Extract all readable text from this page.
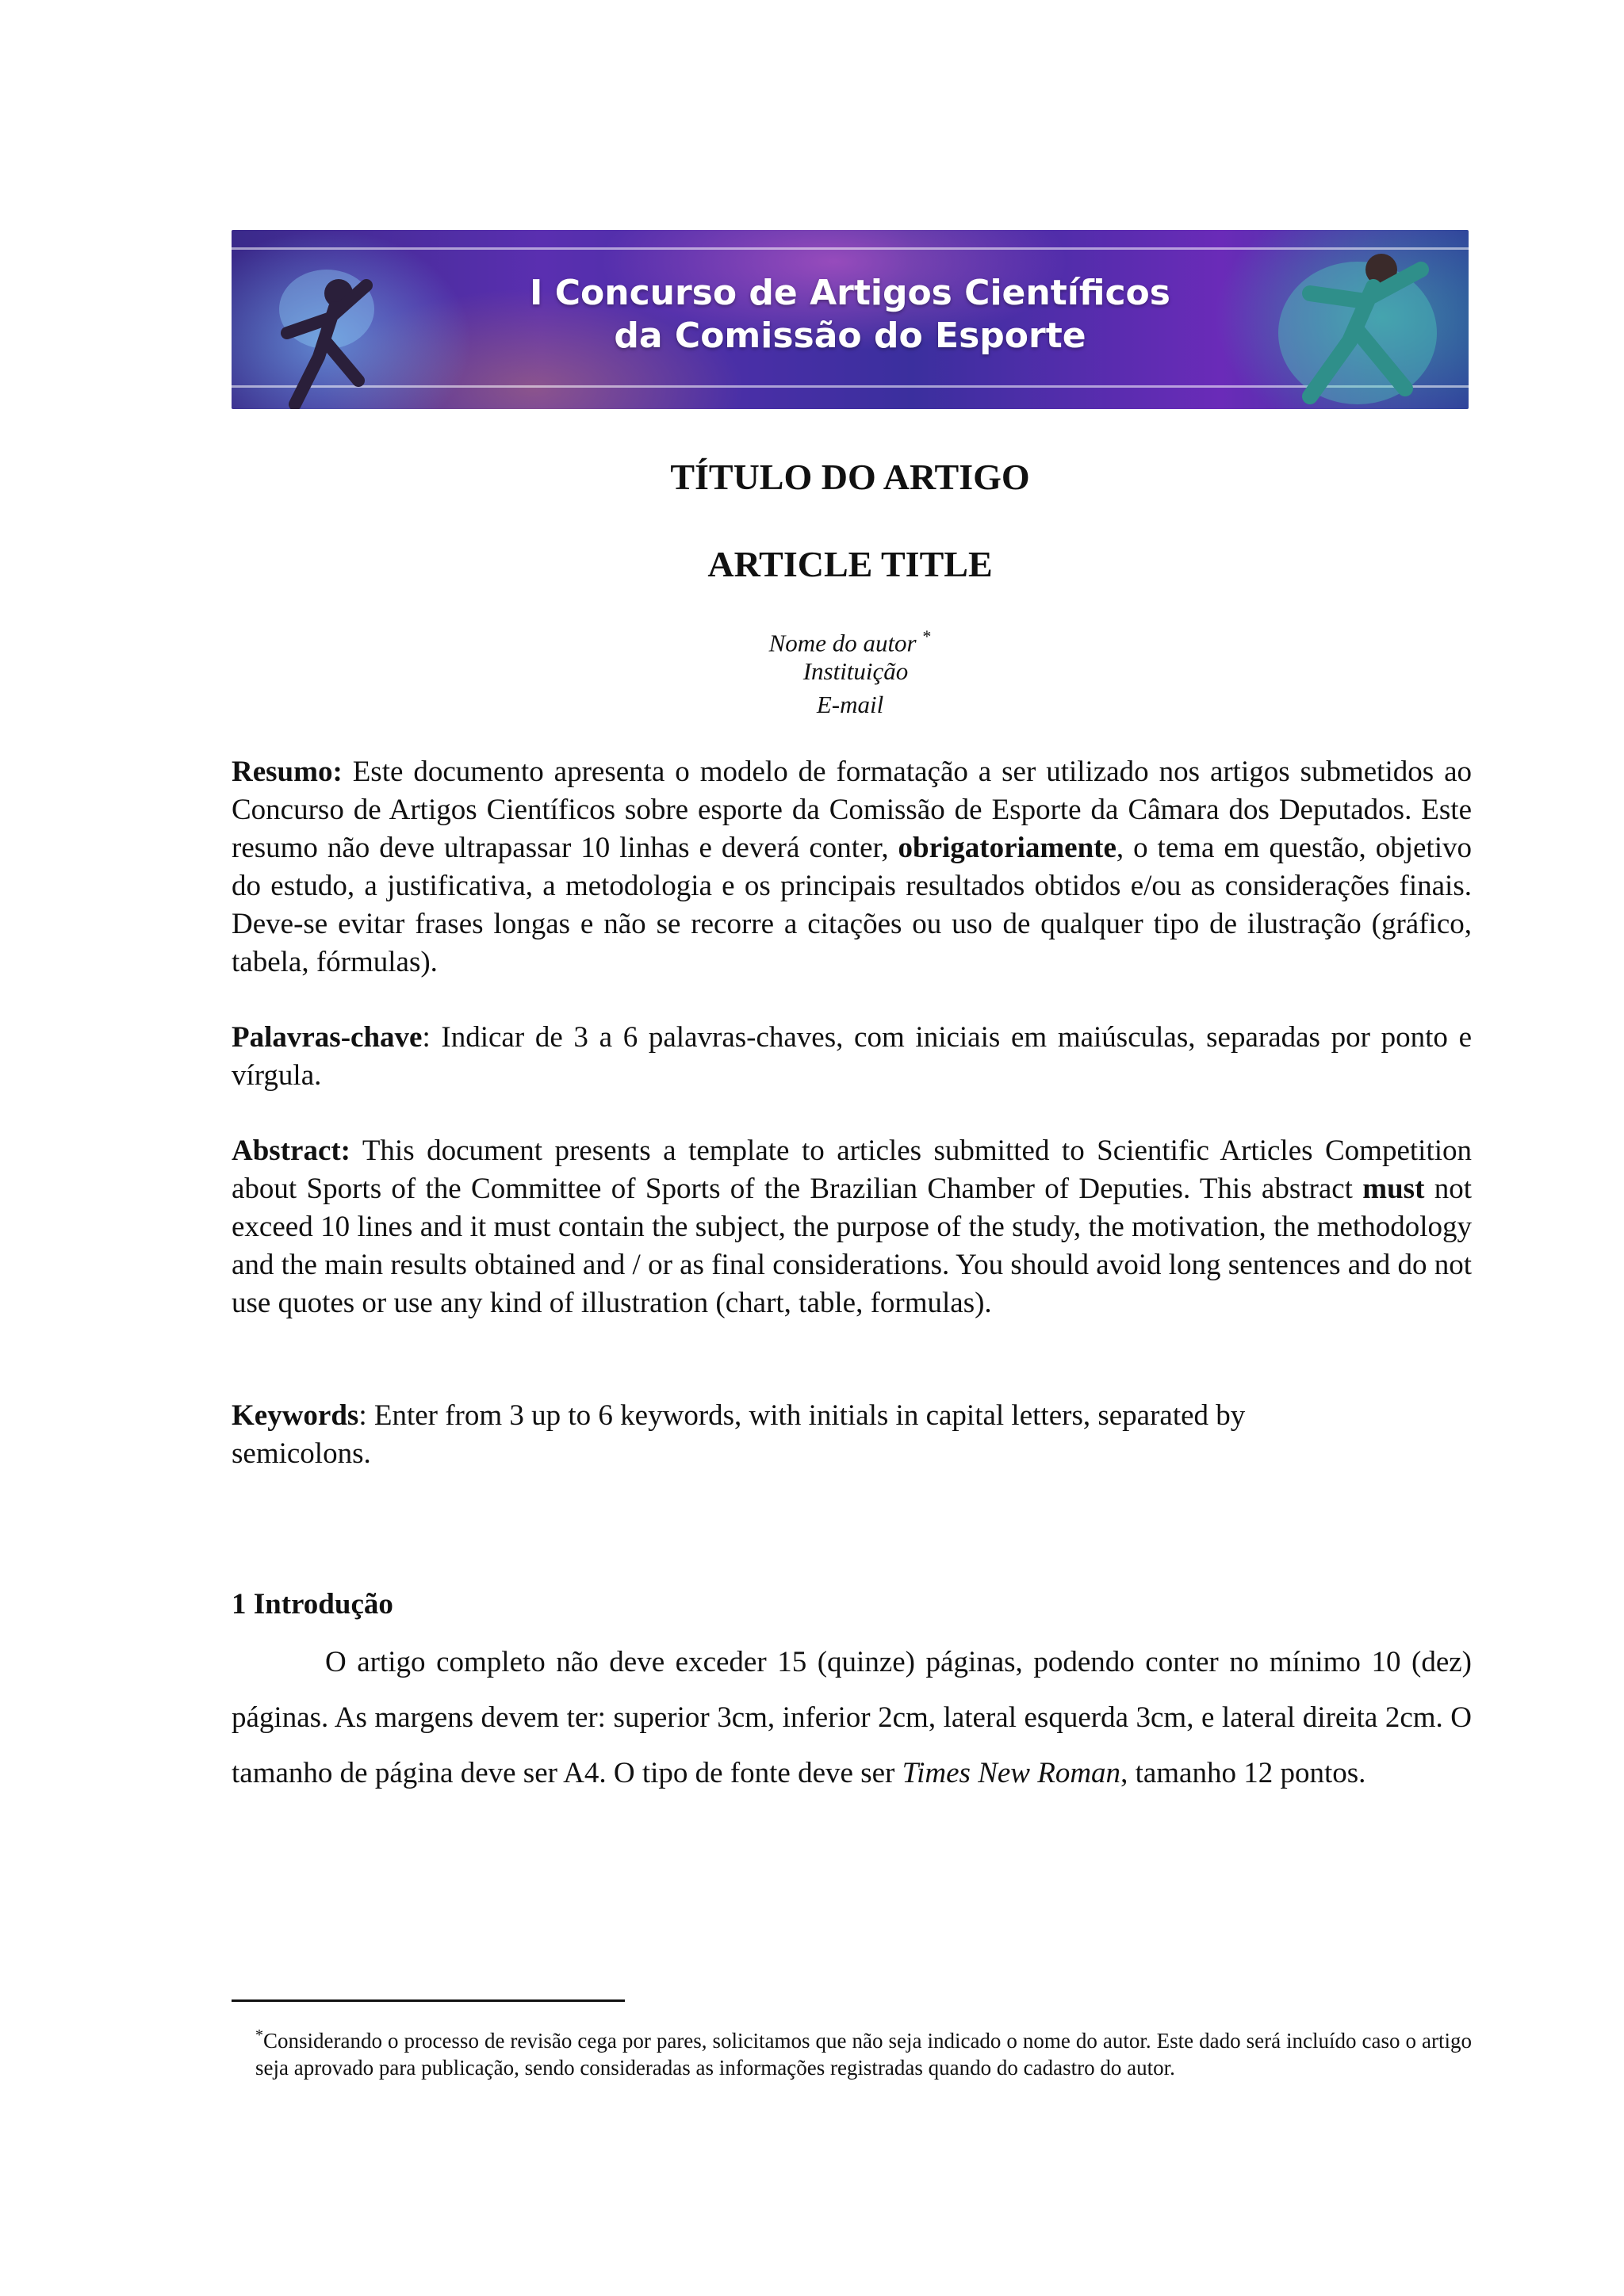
I Concurso de Artigos Científicos
da Comissão do Esporte
TÍTULO DO ARTIGO
ARTICLE TITLE
Nome do autor *
Instituição
E-mail

Resumo: Este documento apresenta o modelo de formatação a ser utilizado nos artigos submetidos ao Concurso de Artigos Científicos sobre esporte da Comissão de Esporte da Câmara dos Deputados. Este resumo não deve ultrapassar 10 linhas e deverá conter, obrigatoriamente, o tema em questão, objetivo do estudo, a justificativa, a metodologia e os principais resultados obtidos e/ou as considerações finais. Deve-se evitar frases longas e não se recorre a citações ou uso de qualquer tipo de ilustração (gráfico, tabela, fórmulas).

Palavras-chave: Indicar de 3 a 6 palavras-chaves, com iniciais em maiúsculas, separadas por ponto e vírgula.

Abstract: This document presents a template to articles submitted to Scientific Articles Competition about Sports of the Committee of Sports of the Brazilian Chamber of Deputies. This abstract must not exceed 10 lines and it must contain the subject, the purpose of the study, the motivation, the methodology and the main results obtained and / or as final considerations. You should avoid long sentences and do not use quotes or use any kind of illustration (chart, table, formulas).

Keywords: Enter from 3 up to 6 keywords, with initials in capital letters, separated by
semicolons.

1 Introdução

O artigo completo não deve exceder 15 (quinze) páginas, podendo conter no mínimo 10 (dez) páginas. As margens devem ter: superior 3cm, inferior 2cm, lateral esquerda 3cm, e lateral direita 2cm. O tamanho de página deve ser A4. O tipo de fonte deve ser Times New Roman, tamanho 12 pontos.

*Considerando o processo de revisão cega por pares, solicitamos que não seja indicado o nome do autor. Este dado será incluído caso o artigo seja aprovado para publicação, sendo consideradas as informações registradas quando do cadastro do autor.
